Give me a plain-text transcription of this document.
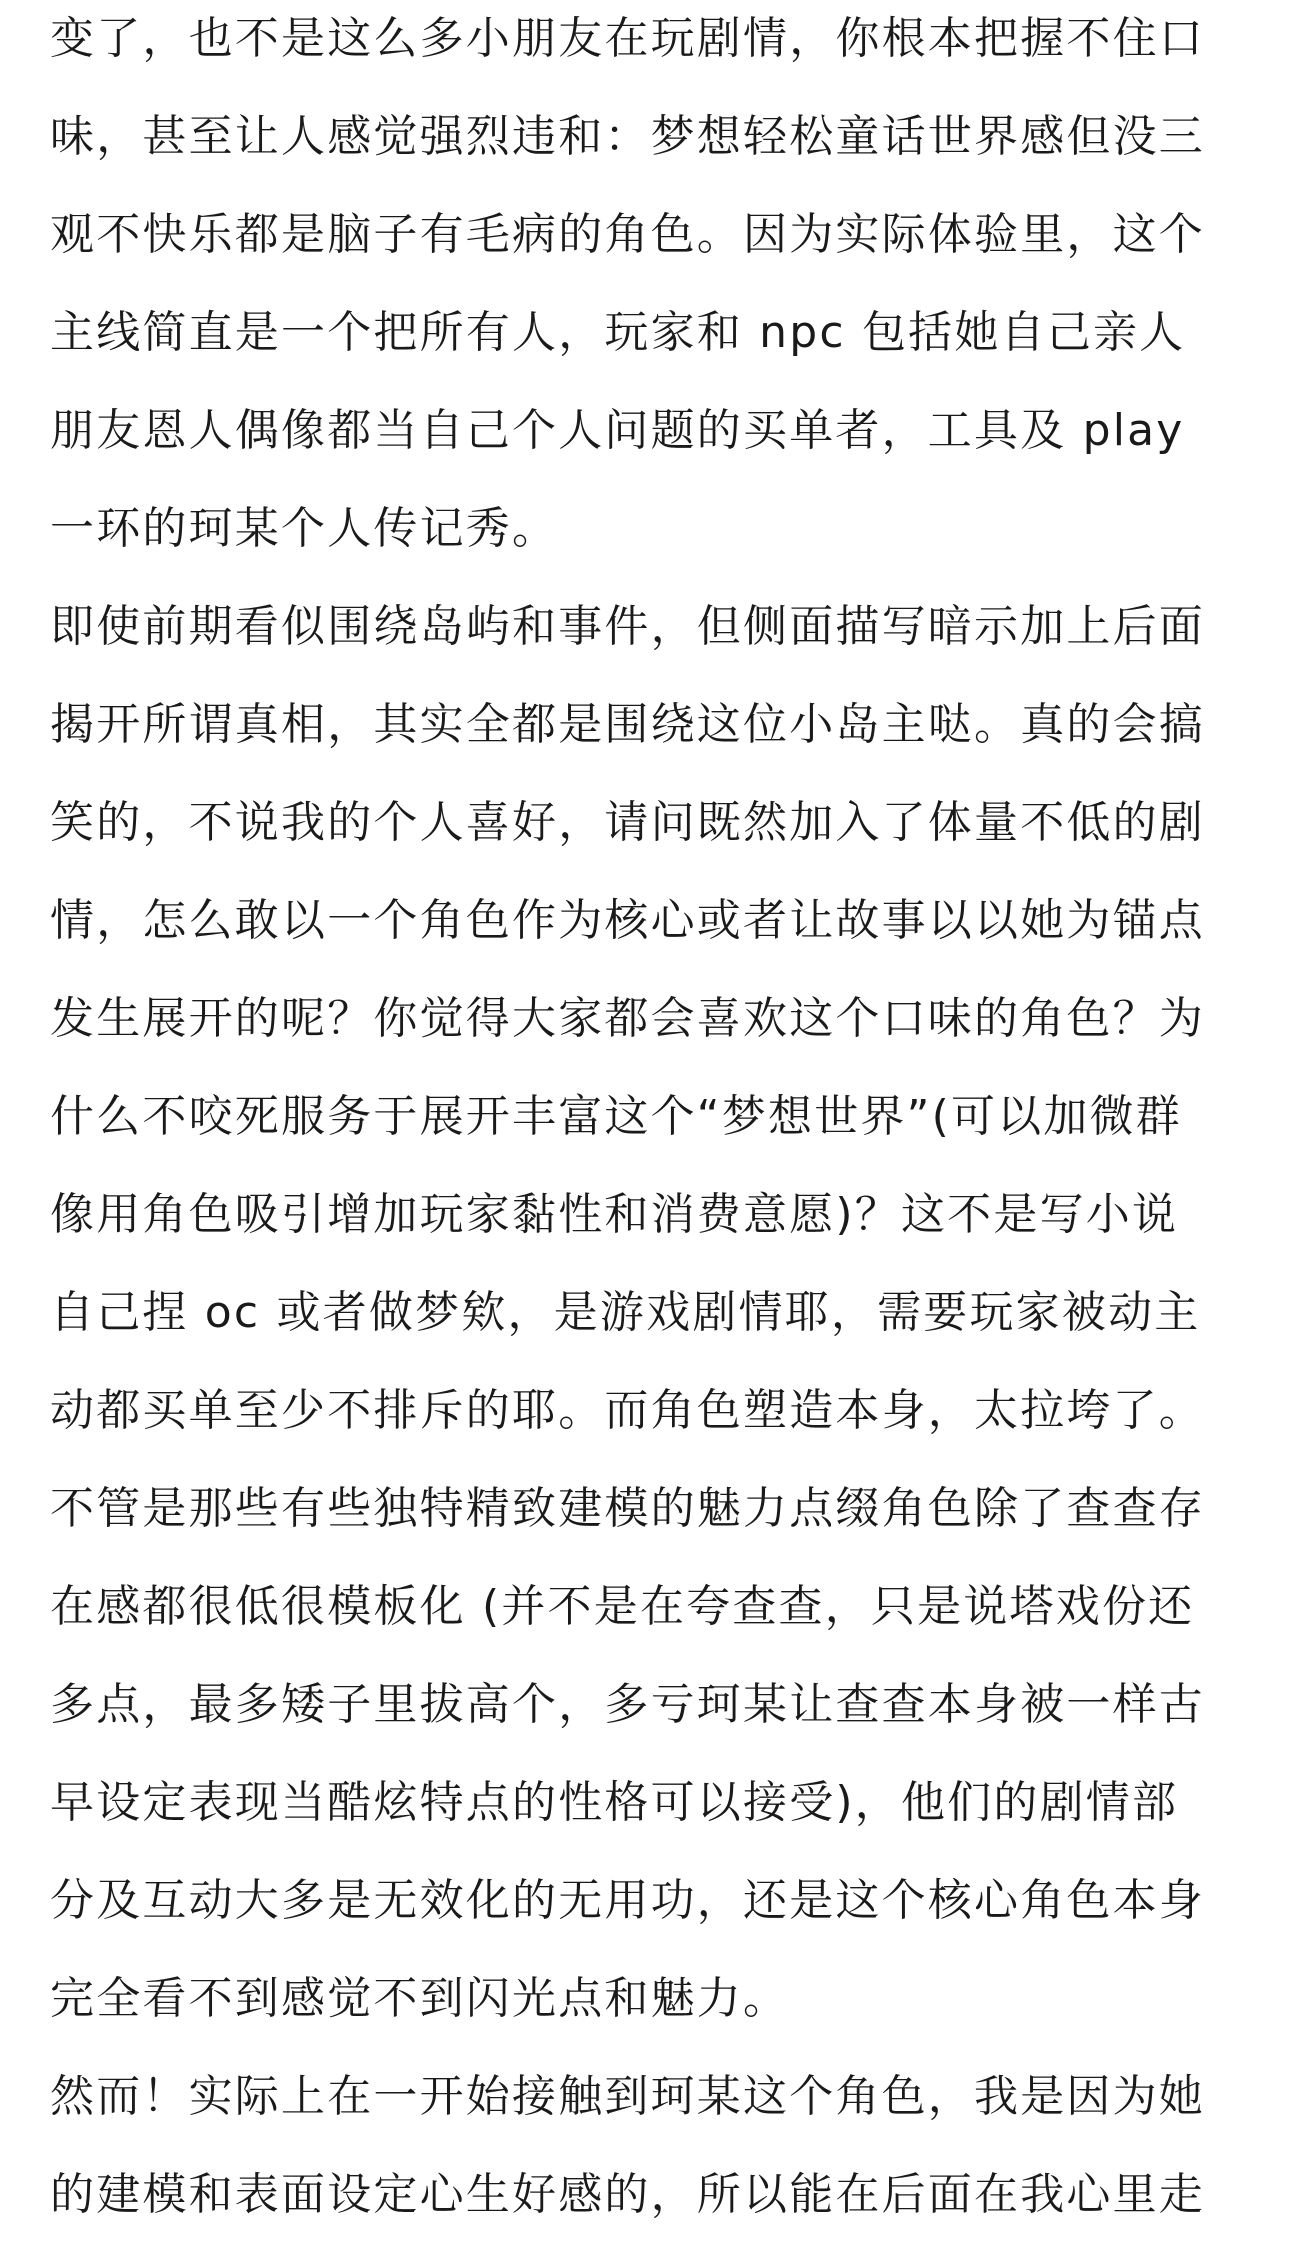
变了，也不是这么多小朋友在玩剧情，你根本把握不住口
味，甚至让人感觉强烈违和：梦想轻松童话世界感但没三
观不快乐都是脑子有毛病的角色。因为实际体验里，这个
主线简直是一个把所有人，玩家和 npc 包括她自己亲人
朋友恩人偶像都当自己个人问题的买单者，工具及 play
一环的珂某个人传记秀。
即使前期看似围绕岛屿和事件，但侧面描写暗示加上后面
揭开所谓真相，其实全都是围绕这位小岛主哒。真的会搞
笑的，不说我的个人喜好，请问既然加入了体量不低的剧
情，怎么敢以一个角色作为核心或者让故事以以她为锚点
发生展开的呢？你觉得大家都会喜欢这个口味的角色？为
什么不咬死服务于展开丰富这个“梦想世界”(可以加微群
像用角色吸引增加玩家黏性和消费意愿)？这不是写小说
自己捏 oc 或者做梦欸，是游戏剧情耶，需要玩家被动主
动都买单至少不排斥的耶。而角色塑造本身，太拉垮了。
不管是那些有些独特精致建模的魅力点缀角色除了查查存
在感都很低很模板化 (并不是在夸查查，只是说塔戏份还
多点，最多矮子里拔高个，多亏珂某让查查本身被一样古
早设定表现当酷炫特点的性格可以接受)，他们的剧情部
分及互动大多是无效化的无用功，还是这个核心角色本身
完全看不到感觉不到闪光点和魅力。
然而！实际上在一开始接触到珂某这个角色，我是因为她
的建模和表面设定心生好感的，所以能在后面在我心里走
